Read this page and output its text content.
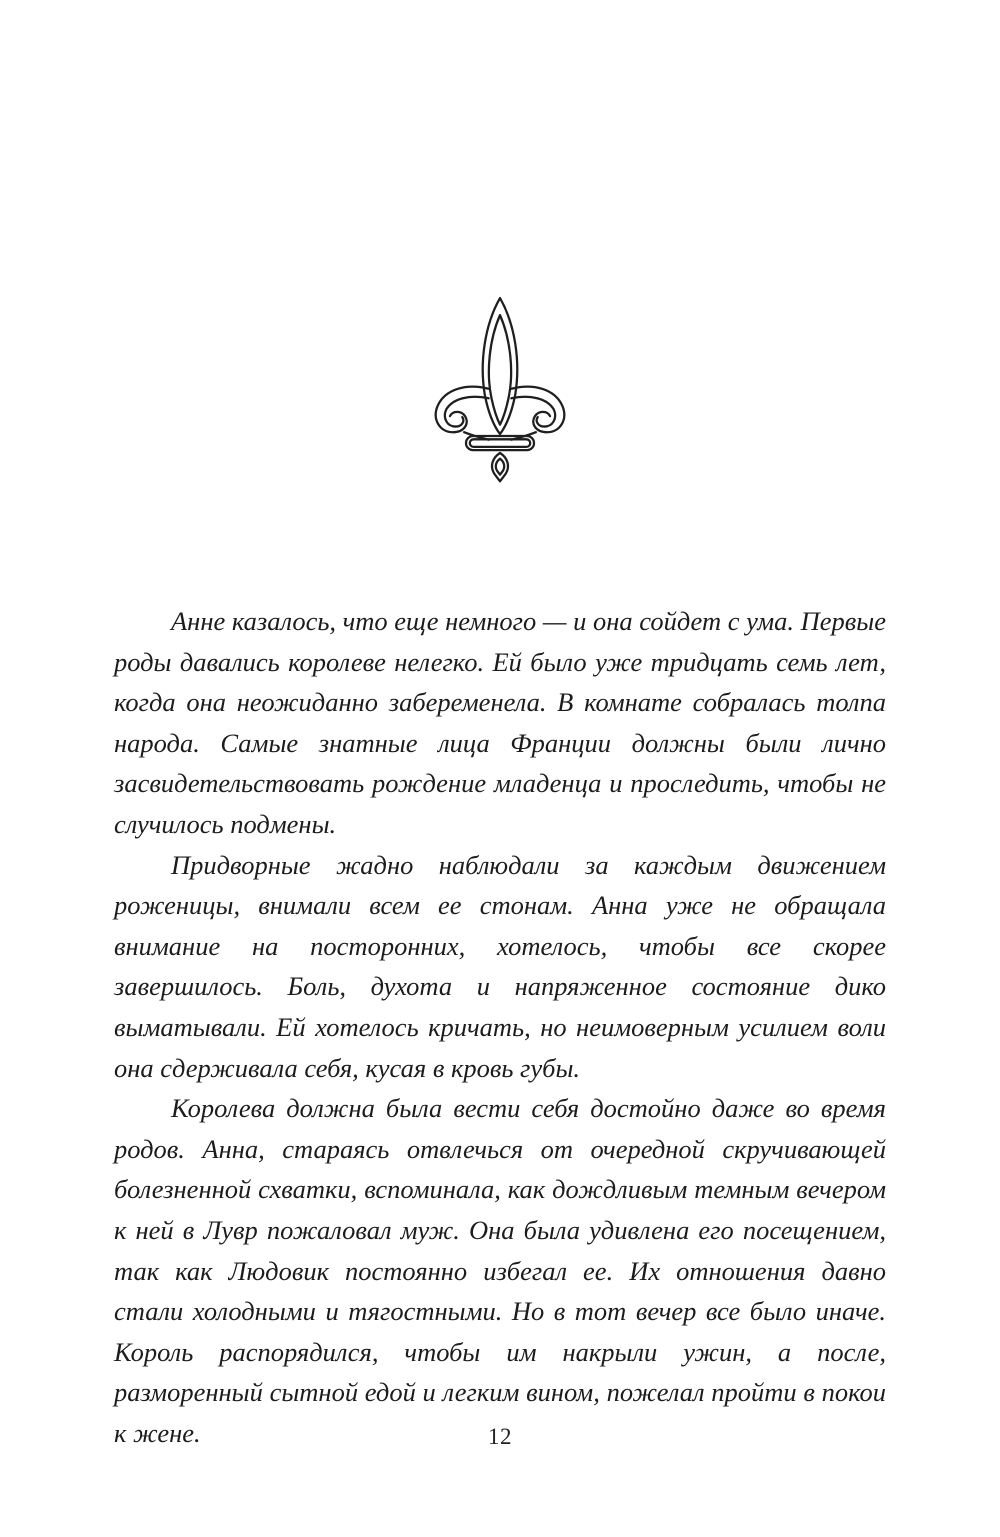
Анне казалось, что еще немного — и она сойдет с ума. Первые роды давались королеве нелегко. Ей было уже тридцать семь лет, когда она неожиданно забеременела. В комнате собралась толпа народа. Самые знатные лица Франции должны были лично засвидетельствовать рождение младенца и проследить, чтобы не случилось подмены.

Придворные жадно наблюдали за каждым движением роженицы, внимали всем ее стонам. Анна уже не обращала внимание на посторонних, хотелось, чтобы все скорее завершилось. Боль, духота и напряженное состояние дико выматывали. Ей хотелось кричать, но неимоверным усилием воли она сдерживала себя, кусая в кровь губы.

Королева должна была вести себя достойно даже во время родов. Анна, стараясь отвлечься от очередной скручивающей болезненной схватки, вспоминала, как дождливым темным вечером к ней в Лувр пожаловал муж. Она была удивлена его посещением, так как Людовик постоянно избегал ее. Их отношения давно стали холодными и тягостными. Но в тот вечер все было иначе. Король распорядился, чтобы им накрыли ужин, а после, разморенный сытной едой и легким вином, пожелал пройти в покои к жене.	12
